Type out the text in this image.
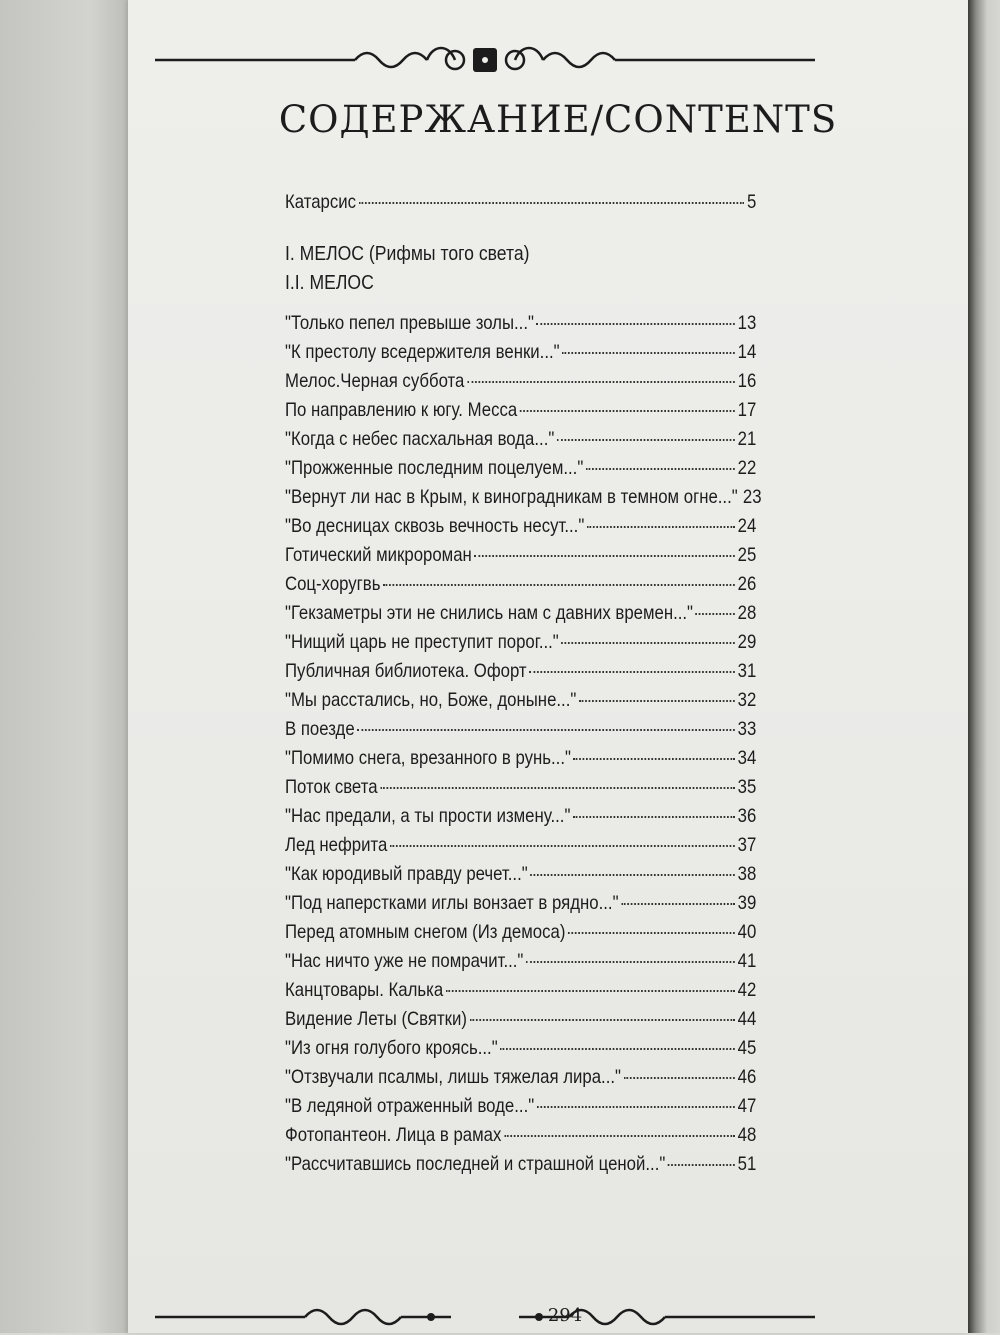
СОДЕРЖАНИЕ/CONTENTS
Катарсис	5
I. МЕЛОС (Рифмы того света)
I.I. МЕЛОС
"Только пепел превыше золы..."	13
"К престолу вседержителя венки..."	14
Мелос.Черная суббота	16
По направлению к югу. Месса	17
"Когда с небес пасхальная вода..."	21
"Прожженные последним поцелуем..."	22
"Вернут ли нас в Крым, к виноградникам в темном огне..." 23
"Во десницах сквозь вечность несут..."	24
Готический микророман	25
Соц-хоругвь	26
"Гекзаметры эти не снились нам с давних времен..." 28
"Нищий царь не преступит порог..."	29
Публичная библиотека. Офорт	31
"Мы расстались, но, Боже, доныне..."	32
В поезде	33
"Помимо снега, врезанного в рунь..."	34
Поток света	35
"Нас предали, а ты прости измену..."	36
Лед нефрита	37
"Как юродивый правду речет..."	38
"Под наперстками иглы вонзает в рядно..."	39
Перед атомным снегом (Из демоса)	40
"Нас ничто уже не помрачит..."	41
Канцтовары. Калька	42
Видение Леты (Святки)	44
"Из огня голубого кроясь..."	45
"Отзвучали псалмы, лишь тяжелая лира..."	46
"В ледяной отраженный воде..."	47
Фотопантеон. Лица в рамах	48
"Рассчитавшись последней и страшной ценой..."	51
294
